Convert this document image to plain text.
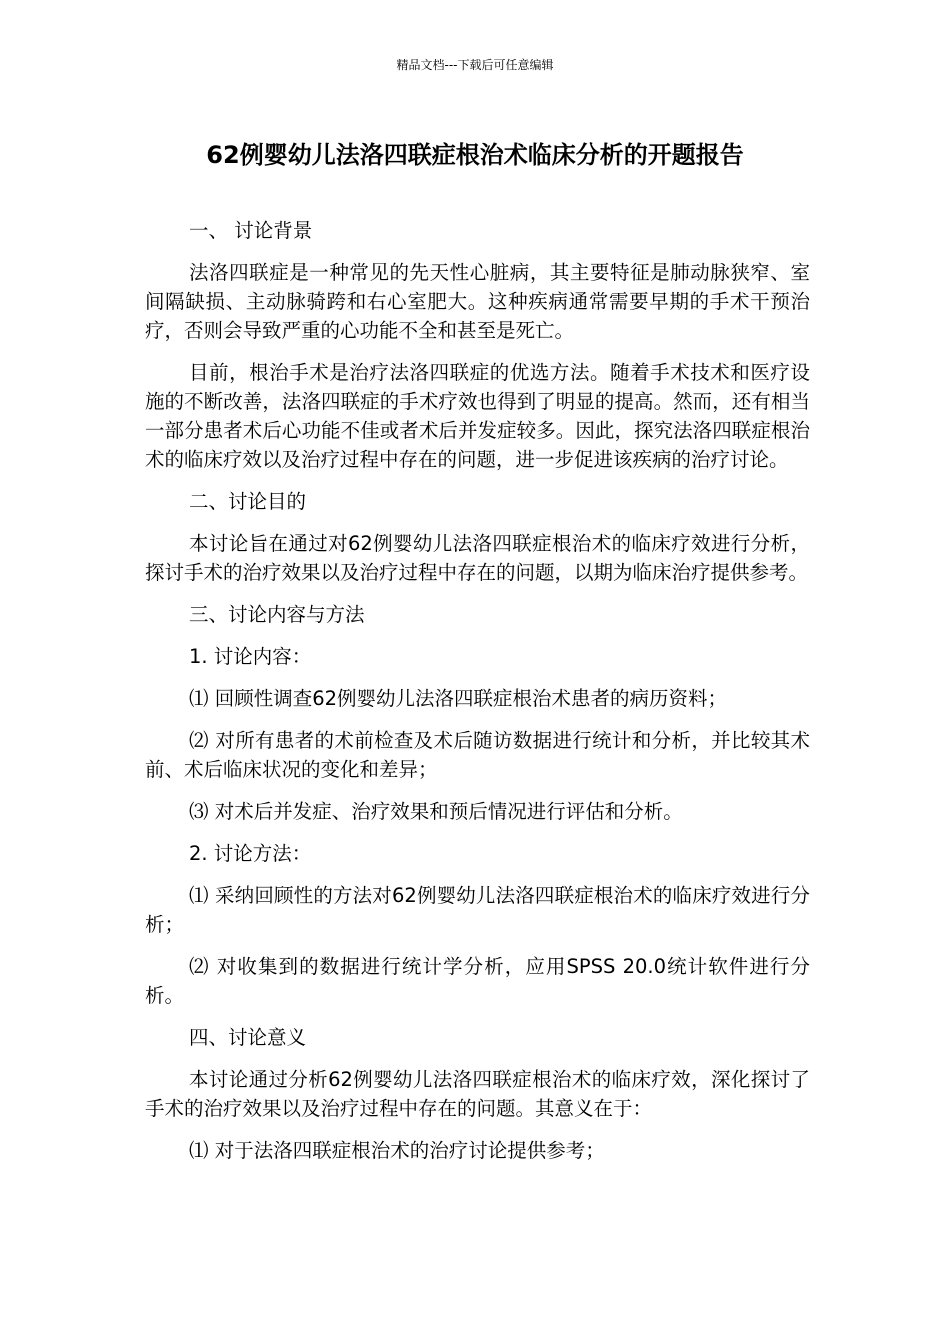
精品文档---下载后可任意编辑
62例婴幼儿法洛四联症根治术临床分析的开题报告

一、 讨论背景

法洛四联症是一种常见的先天性心脏病，其主要特征是肺动脉狭窄、室间隔缺损、主动脉骑跨和右心室肥大。这种疾病通常需要早期的手术干预治疗，否则会导致严重的心功能不全和甚至是死亡。

目前，根治手术是治疗法洛四联症的优选方法。随着手术技术和医疗设施的不断改善，法洛四联症的手术疗效也得到了明显的提高。然而，还有相当一部分患者术后心功能不佳或者术后并发症较多。因此，探究法洛四联症根治术的临床疗效以及治疗过程中存在的问题，进一步促进该疾病的治疗讨论。

二、讨论目的

本讨论旨在通过对62例婴幼儿法洛四联症根治术的临床疗效进行分析，探讨手术的治疗效果以及治疗过程中存在的问题，以期为临床治疗提供参考。

三、讨论内容与方法

1. 讨论内容：

⑴ 回顾性调查62例婴幼儿法洛四联症根治术患者的病历资料；

⑵ 对所有患者的术前检查及术后随访数据进行统计和分析，并比较其术前、术后临床状况的变化和差异；

⑶ 对术后并发症、治疗效果和预后情况进行评估和分析。

2. 讨论方法：

⑴ 采纳回顾性的方法对62例婴幼儿法洛四联症根治术的临床疗效进行分析；

⑵ 对收集到的数据进行统计学分析，应用SPSS 20.0统计软件进行分析。

四、讨论意义

本讨论通过分析62例婴幼儿法洛四联症根治术的临床疗效，深化探讨了手术的治疗效果以及治疗过程中存在的问题。其意义在于：

⑴ 对于法洛四联症根治术的治疗讨论提供参考；
